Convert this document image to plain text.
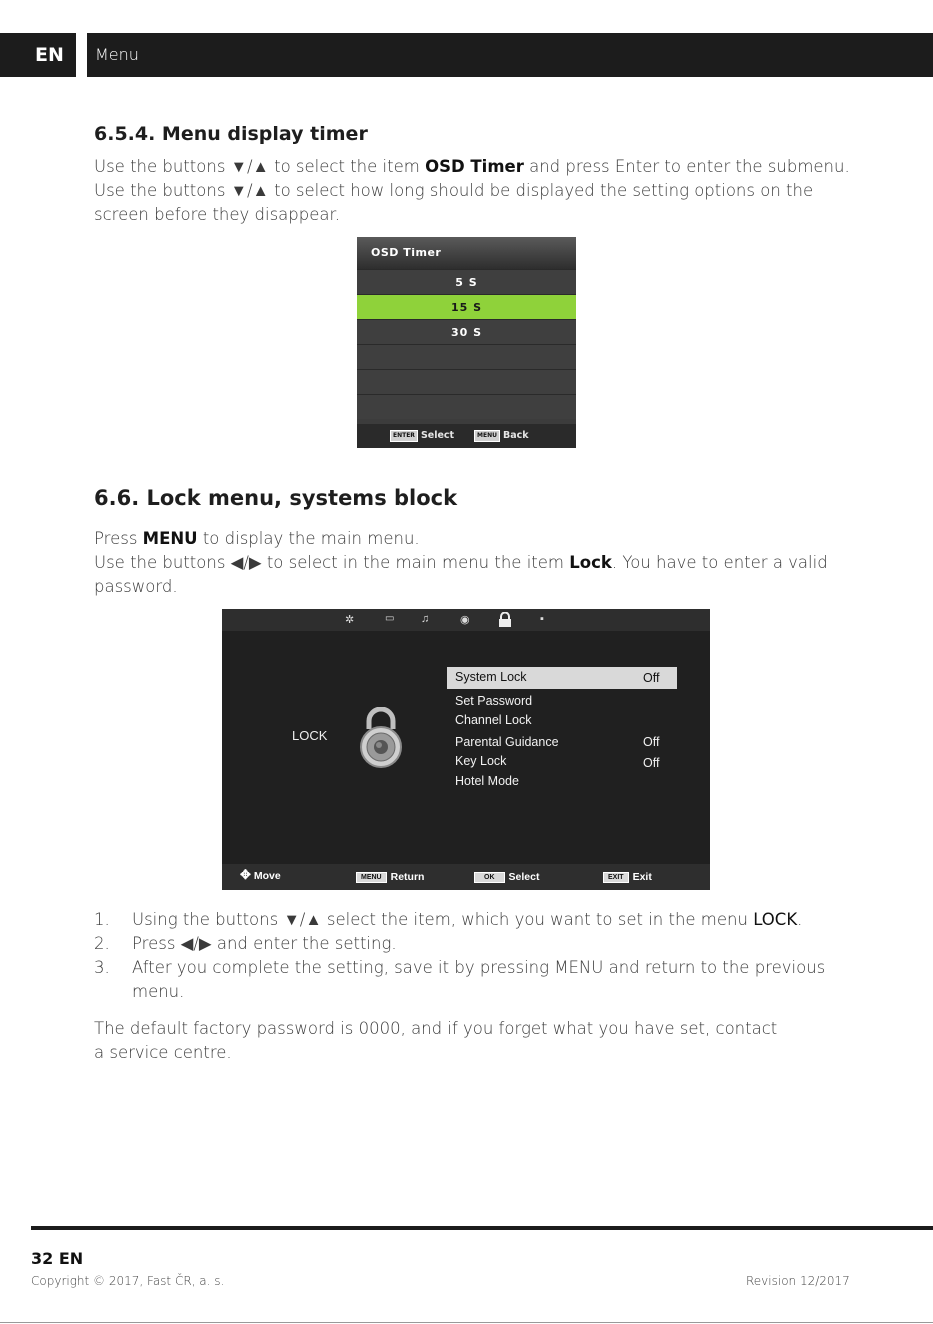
EN	Menu
6.5.4. Menu display timer
Use the buttons ▼/▲ to select the item OSD Timer and press Enter to enter the submenu.
Use the buttons ▼/▲ to select how long should be displayed the setting options on the
screen before they disappear.
OSD Timer
5 S
15 S
30 S
ENTER Select	MENU Back
6.6. Lock menu, systems block
Press MENU to display the main menu.
Use the buttons ◀/▶ to select in the main menu the item Lock. You have to enter a valid
password.
✲	▭ ♫	◉	▪
LOCK
System Lock	Off
Set Password
Channel Lock
Parental Guidance	Off
Key Lock	Off
Hotel Mode
✥ Move	MENU Return	OK Select	EXIT Exit
1. Using the buttons ▼/▲ select the item, which you want to set in the menu LOCK.
2. Press ◀/▶ and enter the setting.
3. After you complete the setting, save it by pressing MENU and return to the previous
menu.
The default factory password is 0000, and if you forget what you have set, contact
a service centre.
32 EN
Copyright © 2017, Fast ČR, a. s.	Revision 12/2017
